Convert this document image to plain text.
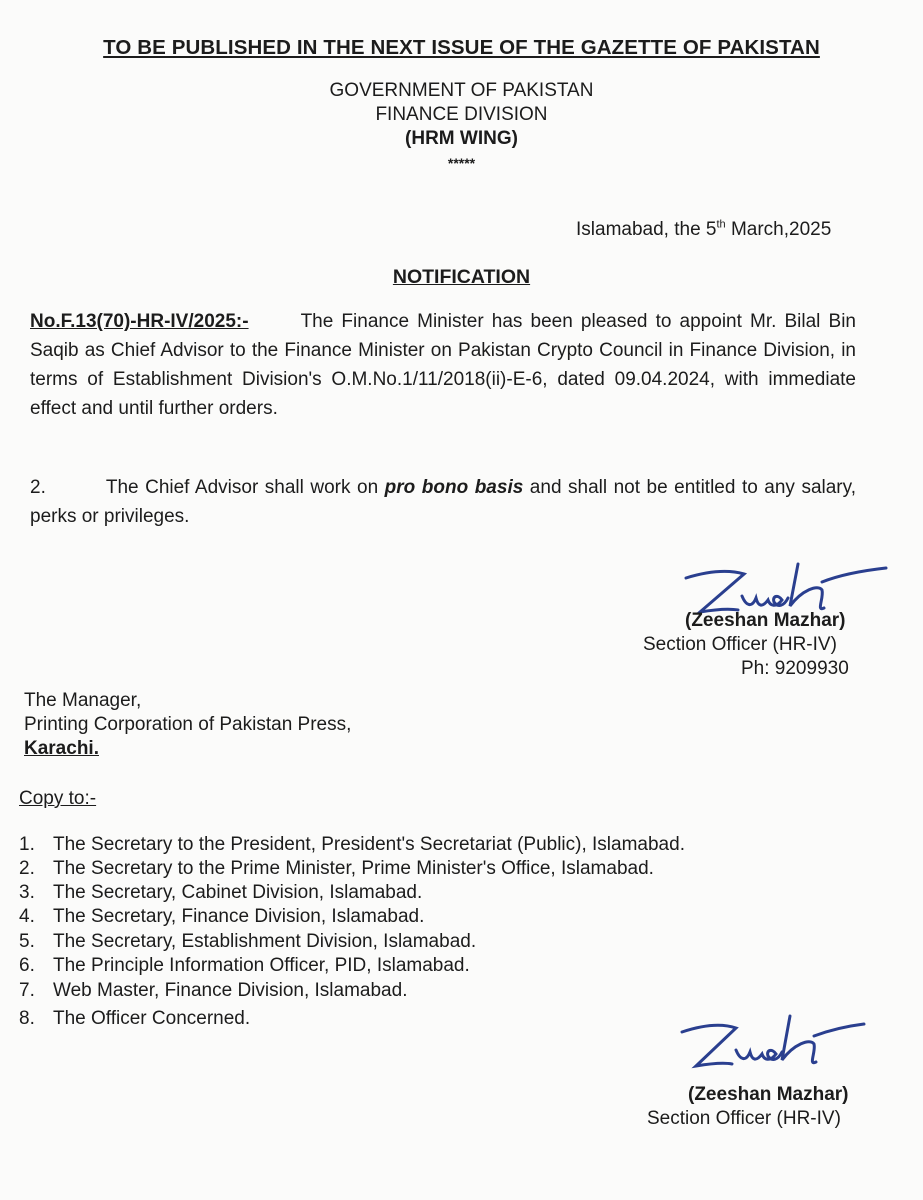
TO BE PUBLISHED IN THE NEXT ISSUE OF THE GAZETTE OF PAKISTAN
GOVERNMENT OF PAKISTAN
FINANCE DIVISION
(HRM WING)
*****
Islamabad, the 5th March,2025
NOTIFICATION
No.F.13(70)-HR-IV/2025:-	The Finance Minister has been pleased to appoint Mr. Bilal Bin Saqib as Chief Advisor to the Finance Minister on Pakistan Crypto Council in Finance Division, in terms of Establishment Division's O.M.No.1/11/2018(ii)-E-6, dated 09.04.2024, with immediate effect and until further orders.
2.	The Chief Advisor shall work on pro bono basis and shall not be entitled to any salary, perks or privileges.
(Zeeshan Mazhar)
Section Officer (HR-IV)
Ph: 9209930
The Manager,
Printing Corporation of Pakistan Press,
Karachi.
Copy to:-
1. The Secretary to the President, President's Secretariat (Public), Islamabad.
2. The Secretary to the Prime Minister, Prime Minister's Office, Islamabad.
3. The Secretary, Cabinet Division, Islamabad.
4. The Secretary, Finance Division, Islamabad.
5. The Secretary, Establishment Division, Islamabad.
6. The Principle Information Officer, PID, Islamabad.
7. Web Master, Finance Division, Islamabad.
8. The Officer Concerned.
(Zeeshan Mazhar)
Section Officer (HR-IV)
